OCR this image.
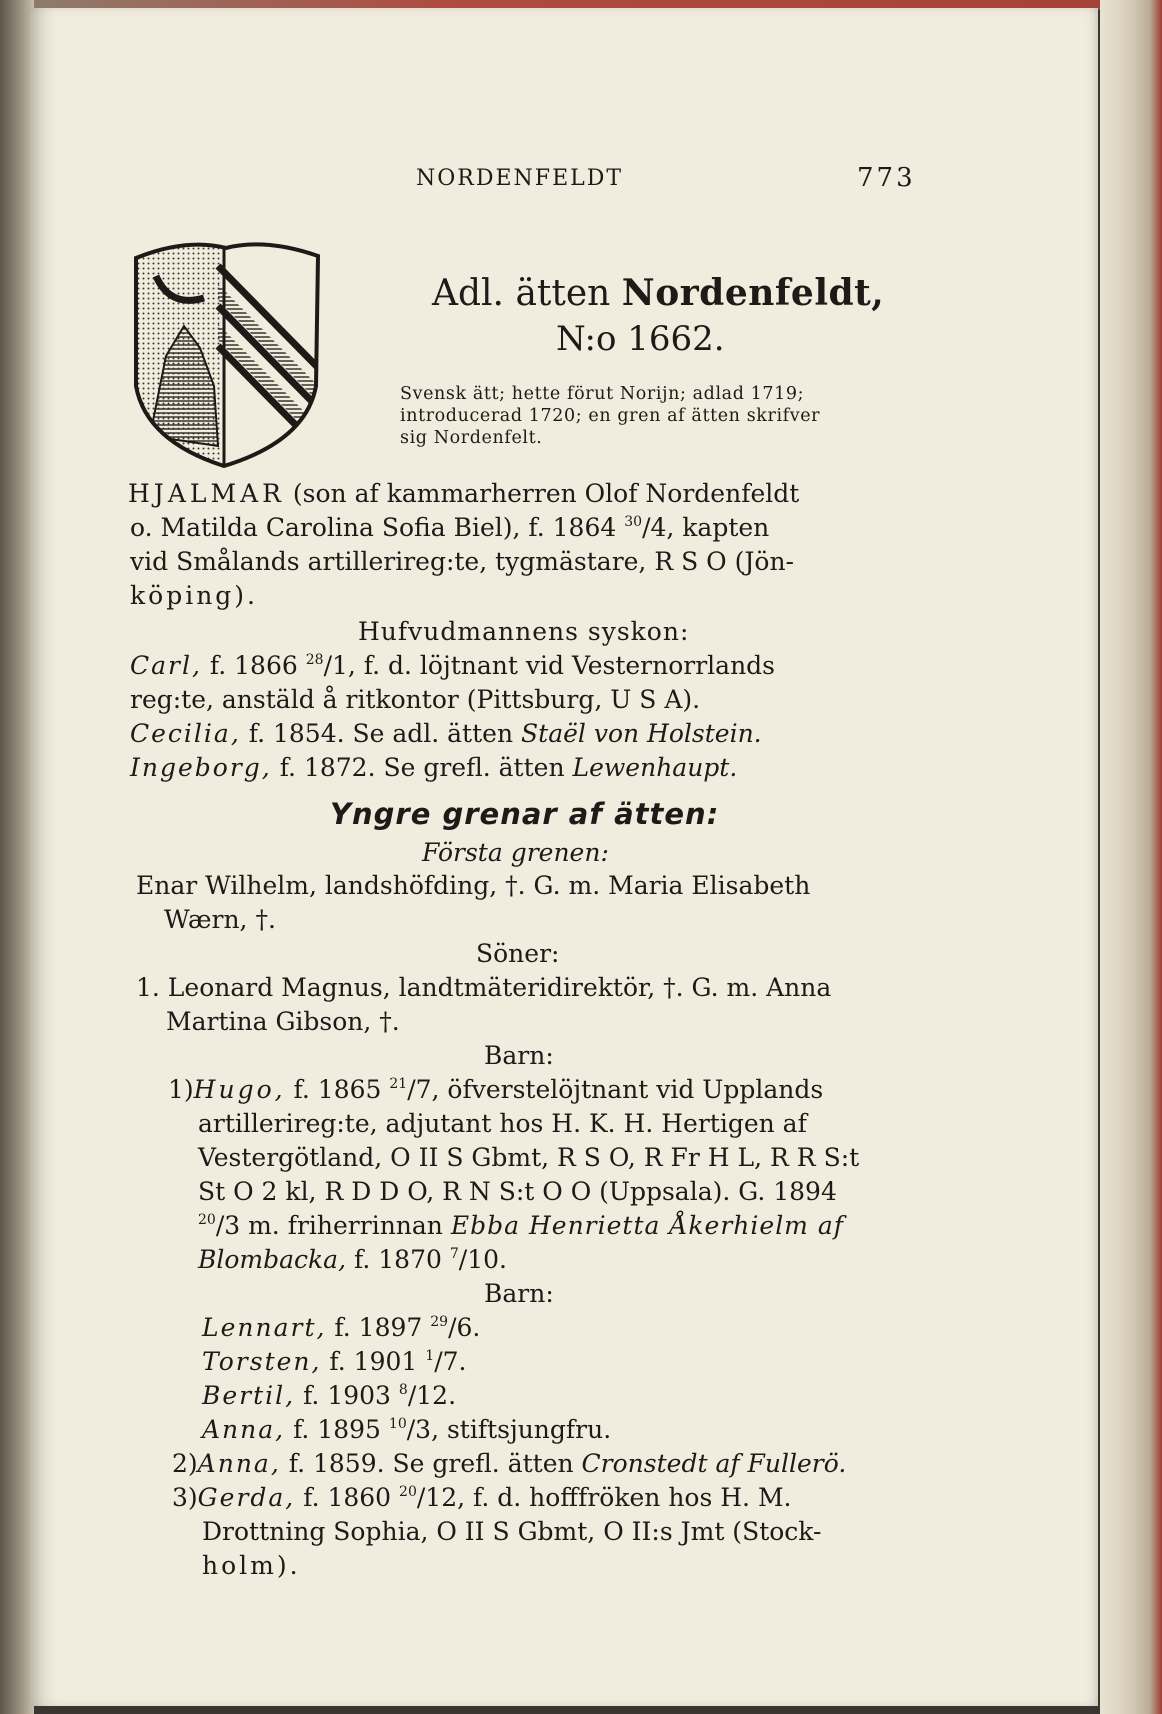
NORDENFELDT	773
Adl. ätten Nordenfeldt,
N:o 1662.
Svensk ätt; hette förut Norijn; adlad 1719;
introducerad 1720; en gren af ätten skrifver
sig Nordenfelt.
HJALMAR (son af kammarherren Olof Nordenfeldt
o. Matilda Carolina Sofia Biel), f. 1864 $^{30}$/4, kapten
vid Smålands artillerireg:te, tygmästare, R S O (Jön-
köping).
Hufvudmannens syskon:
Carl, f. 1866 $^{28}$/1, f. d. löjtnant vid Vesternorrlands
reg:te, anstäld å ritkontor (Pittsburg, U S A).
Cecilia, f. 1854. Se adl. ätten Staël von Holstein.
Ingeborg, f. 1872. Se grefl. ätten Lewenhaupt.
Yngre grenar af ätten:
Första grenen:
Enar Wilhelm, landshöfding, †. G. m. Maria Elisabeth
Wærn, †.
Söner:
1. Leonard Magnus, landtmäteridirektör, †. G. m. Anna
Martina Gibson, †.
Barn:
1)Hugo, f. 1865 $^{21}$/7, öfverstelöjtnant vid Upplands
artillerireg:te, adjutant hos H. K. H. Hertigen af
Vestergötland, O II S Gbmt, R S O, R Fr H L, R R S:t
St O 2 kl, R D D O, R N S:t O O (Uppsala). G. 1894
$^{20}$/3 m. friherrinnan Ebba Henrietta Åkerhielm af
Blombacka, f. 1870 $^7$/10.
Barn:
Lennart, f. 1897 $^{29}$/6.
Torsten, f. 1901 $^1$/7.
Bertil, f. 1903 $^8$/12.
Anna, f. 1895 $^{10}$/3, stiftsjungfru.
2)Anna, f. 1859. Se grefl. ätten Cronstedt af Fullerö.
3)Gerda, f. 1860 $^{20}$/12, f. d. hofffröken hos H. M.
Drottning Sophia, O II S Gbmt, O II:s Jmt (Stock-
holm).
